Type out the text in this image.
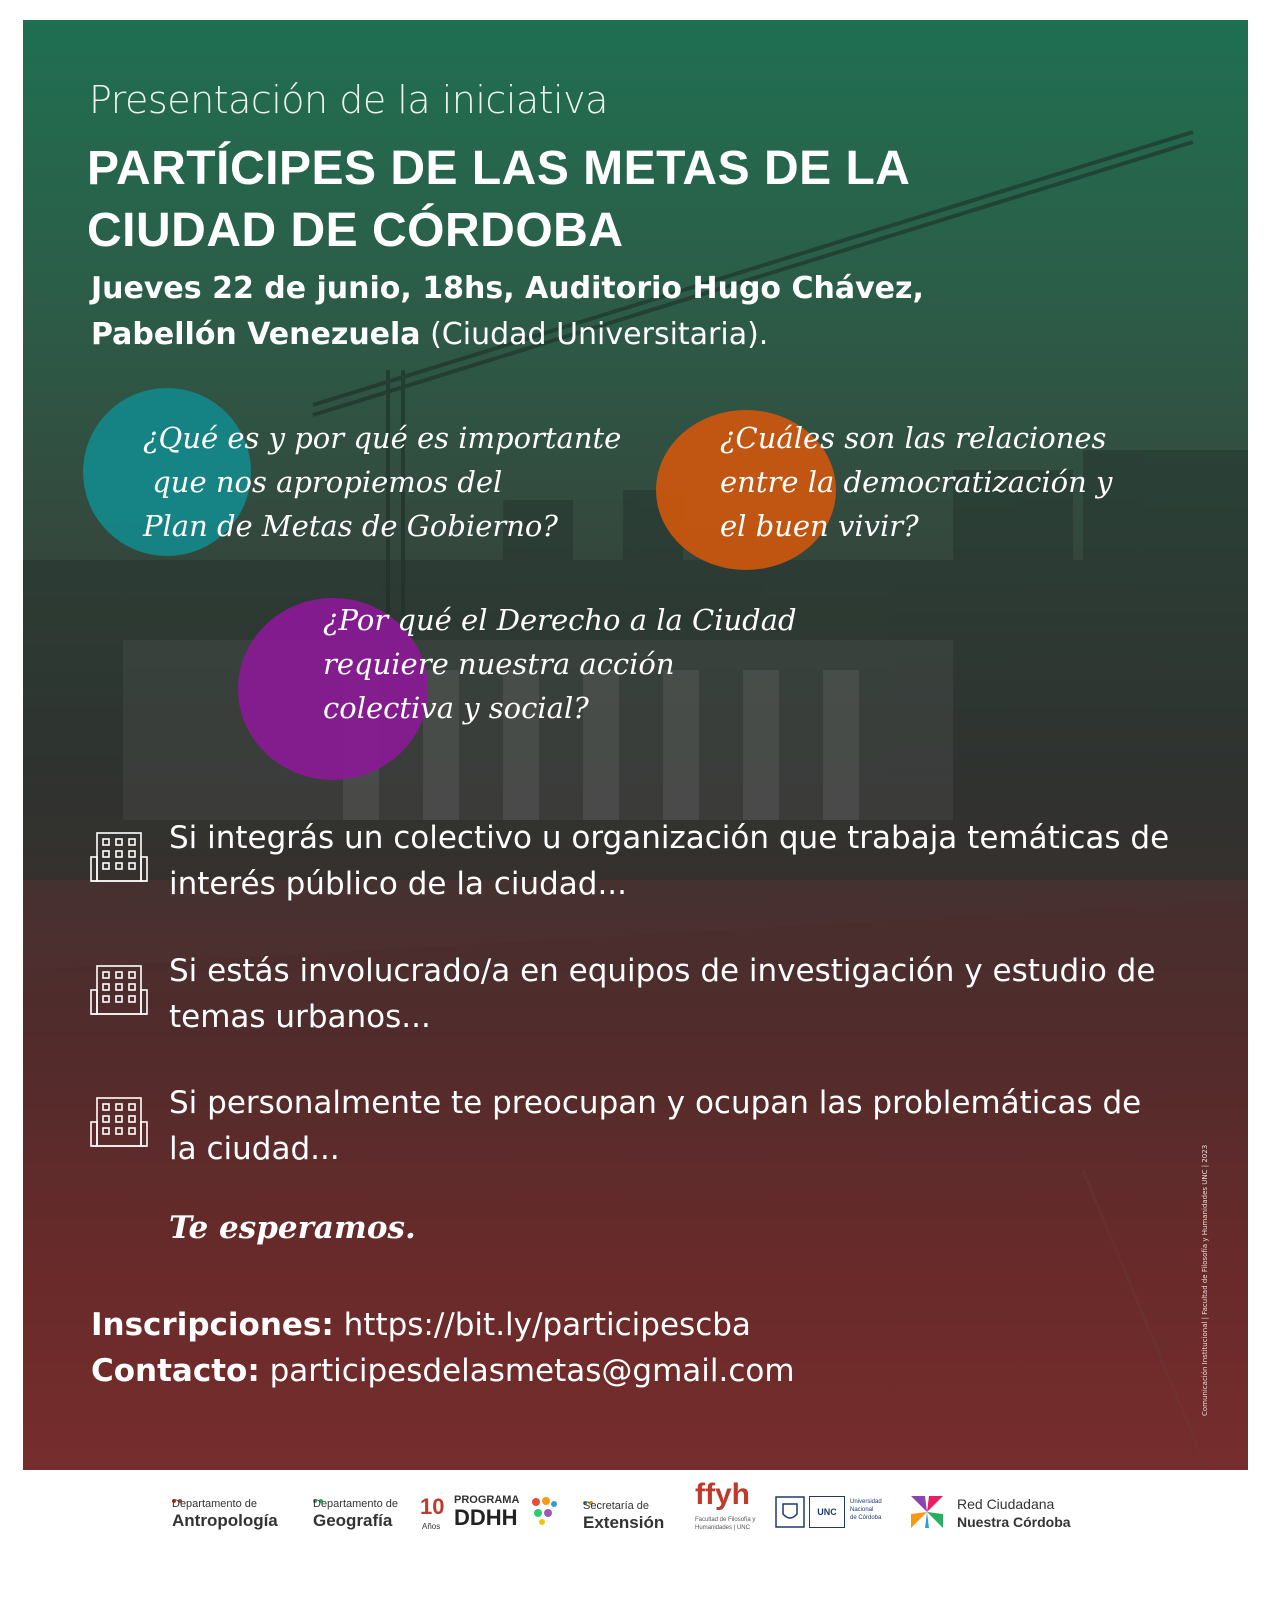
Presentación de la iniciativa
PARTÍCIPES DE LAS METAS DE LA
CIUDAD DE CÓRDOBA
Jueves 22 de junio, 18hs, Auditorio Hugo Chávez,
Pabellón Venezuela (Ciudad Universitaria).
¿Qué es y por qué es importante
que nos apropiemos del
Plan de Metas de Gobierno?
¿Cuáles son las relaciones
entre la democratización y
el buen vivir?
¿Por qué el Derecho a la Ciudad
requiere nuestra acción
colectiva y social?
Si integrás un colectivo u organización que trabaja temáticas de
interés público de la ciudad...
Si estás involucrado/a en equipos de investigación y estudio de
temas urbanos...
Si personalmente te preocupan y ocupan las problemáticas de
la ciudad...
Te esperamos.
Inscripciones: https://bit.ly/participescba
Contacto: participesdelasmetas@gmail.com	Comunicación Institucional | Facultad de Filosofía y Humanidades UNC | 2023
Departamento de
Antropología
Departamento de
Geografía
10
Años
PROGRAMA
DDHH	Secretaría de
Extensión
ffyh
Facultad de Filosofía y Humanidades | UNC
UNC
Universidad
Nacional
de Córdoba
Red Ciudadana
Nuestra Córdoba
